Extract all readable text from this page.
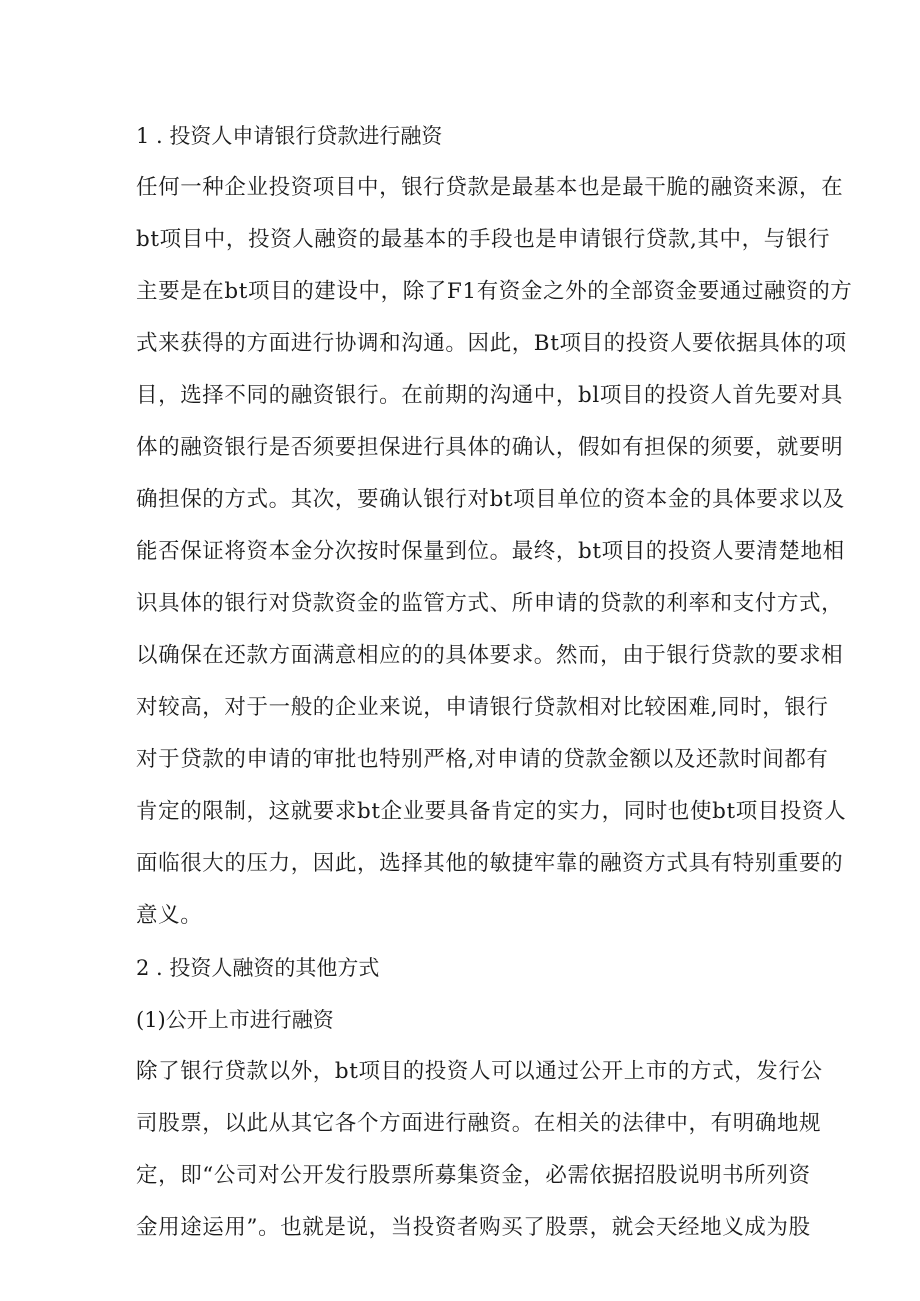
1 . 投资人申请银行贷款进行融资
任何一种企业投资项目中，银行贷款是最基本也是最干脆的融资来源，在
bt项目中，投资人融资的最基本的手段也是申请银行贷款,其中，与银行
主要是在bt项目的建设中，除了F1有资金之外的全部资金要通过融资的方
式来获得的方面进行协调和沟通。因此，Bt项目的投资人要依据具体的项
目，选择不同的融资银行。在前期的沟通中，bl项目的投资人首先要对具
体的融资银行是否须要担保进行具体的确认，假如有担保的须要，就要明
确担保的方式。其次，要确认银行对bt项目单位的资本金的具体要求以及
能否保证将资本金分次按时保量到位。最终，bt项目的投资人要清楚地相
识具体的银行对贷款资金的监管方式、所申请的贷款的利率和支付方式，
以确保在还款方面满意相应的的具体要求。然而，由于银行贷款的要求相
对较高，对于一般的企业来说，申请银行贷款相对比较困难,同时，银行
对于贷款的申请的审批也特别严格,对申请的贷款金额以及还款时间都有
肯定的限制，这就要求bt企业要具备肯定的实力，同时也使bt项目投资人
面临很大的压力，因此，选择其他的敏捷牢靠的融资方式具有特别重要的
意义。
2 . 投资人融资的其他方式
(1)公开上市进行融资
除了银行贷款以外，bt项目的投资人可以通过公开上市的方式，发行公
司股票，以此从其它各个方面进行融资。在相关的法律中，有明确地规
定，即“公司对公开发行股票所募集资金，必需依据招股说明书所列资
金用途运用”。也就是说，当投资者购买了股票，就会天经地义成为股
